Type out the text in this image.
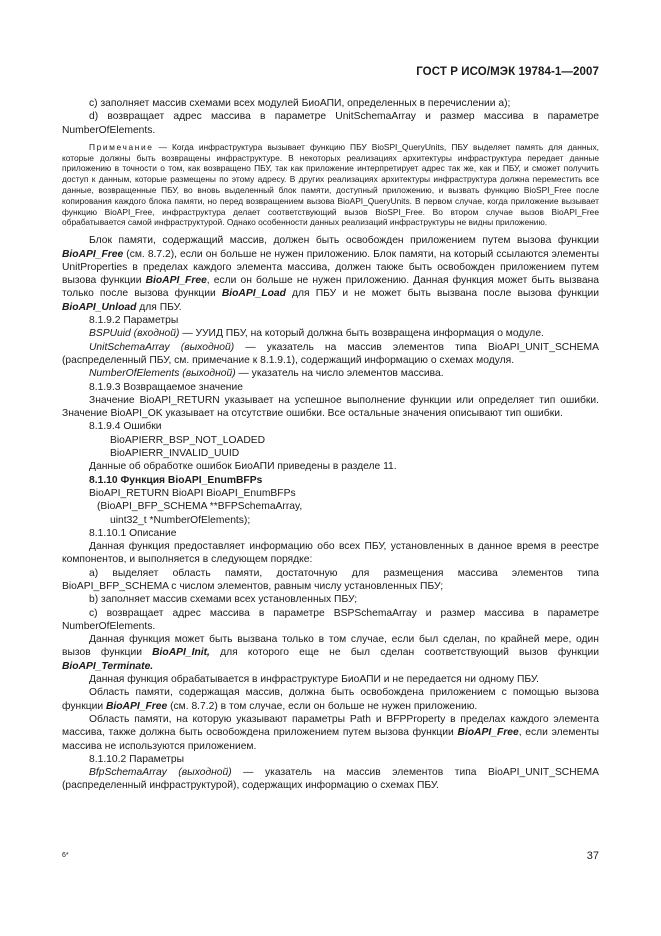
ГОСТ Р ИСО/МЭК 19784-1—2007

с) заполняет массив схемами всех модулей БиоАПИ, определенных в перечислении а);

d) возвращает адрес массива в параметре UnitSchemaArray и размер массива в параметре NumberOfElements.

Примечание — Когда инфраструктура вызывает функцию ПБУ BioSPI_QueryUnits, ПБУ выделяет память для данных, которые должны быть возвращены инфраструктуре. В некоторых реализациях архитектуры инфраструктура передает данные приложению в точности о том, как возвращено ПБУ, так как приложение интерпретирует адрес так же, как и ПБУ, и сможет получить доступ к данным, которые размещены по этому адресу. В других реализациях архитектуры инфраструктура должна переместить все данные, возвращенные ПБУ, во вновь выделенный блок памяти, доступный приложению, и вызвать функцию BioSPI_Free после копирования каждого блока памяти, но перед возвращением вызова BioAPI_QueryUnits. В первом случае, когда приложение вызывает функцию BioAPI_Free, инфраструктура делает соответствующий вызов BioSPI_Free. Во втором случае вызов BioAPI_Free обрабатывается самой инфраструктурой. Однако особенности данных реализаций инфраструктуры не видны приложению.

Блок памяти, содержащий массив, должен быть освобожден приложением путем вызова функции BioAPI_Free (см. 8.7.2), если он больше не нужен приложению. Блок памяти, на который ссылаются элементы UnitProperties в пределах каждого элемента массива, должен также быть освобожден приложением путем вызова функции BioAPI_Free, если он больше не нужен приложению. Данная функция может быть вызвана только после вызова функции BioAPI_Load для ПБУ и не может быть вызвана после вызова функции BioAPI_Unload для ПБУ.

8.1.9.2 Параметры

BSPUuid (входной) — УУИД ПБУ, на который должна быть возвращена информация о модуле.

UnitSchemaArray (выходной) — указатель на массив элементов типа BioAPI_UNIT_SCHEMA (распределенный ПБУ, см. примечание к 8.1.9.1), содержащий информацию о схемах модуля.

NumberOfElements (выходной) — указатель на число элементов массива.

8.1.9.3 Возвращаемое значение

Значение BioAPI_RETURN указывает на успешное выполнение функции или определяет тип ошибки. Значение BioAPI_OK указывает на отсутствие ошибки. Все остальные значения описывают тип ошибки.

8.1.9.4 Ошибки

BioAPIERR_BSP_NOT_LOADED

BioAPIERR_INVALID_UUID

Данные об обработке ошибок БиоАПИ приведены в разделе 11.

8.1.10 Функция BioAPI_EnumBFPs

BioAPI_RETURN BioAPI BioAPI_EnumBFPs

(BioAPI_BFP_SCHEMA **BFPSchemaArray,

uint32_t *NumberOfElements);

8.1.10.1 Описание

Данная функция предоставляет информацию обо всех ПБУ, установленных в данное время в реестре компонентов, и выполняется в следующем порядке:

а) выделяет область памяти, достаточную для размещения массива элементов типа BioAPI_BFP_SCHEMA с числом элементов, равным числу установленных ПБУ;

b) заполняет массив схемами всех установленных ПБУ;

с) возвращает адрес массива в параметре BSPSchemaArray и размер массива в параметре NumberOfElements.

Данная функция может быть вызвана только в том случае, если был сделан, по крайней мере, один вызов функции BioAPI_Init, для которого еще не был сделан соответствующий вызов функции BioAPI_Terminate.

Данная функция обрабатывается в инфраструктуре БиоАПИ и не передается ни одному ПБУ.

Область памяти, содержащая массив, должна быть освобождена приложением с помощью вызова функции BioAPI_Free (см. 8.7.2) в том случае, если он больше не нужен приложению.

Область памяти, на которую указывают параметры Path и BFPProperty в пределах каждого элемента массива, также должна быть освобождена приложением путем вызова функции BioAPI_Free, если элементы массива не используются приложением.

8.1.10.2 Параметры

BfpSchemaArray (выходной) — указатель на массив элементов типа BioAPI_UNIT_SCHEMA (распределенный инфраструктурой), содержащих информацию о схемах ПБУ.

6*	37
